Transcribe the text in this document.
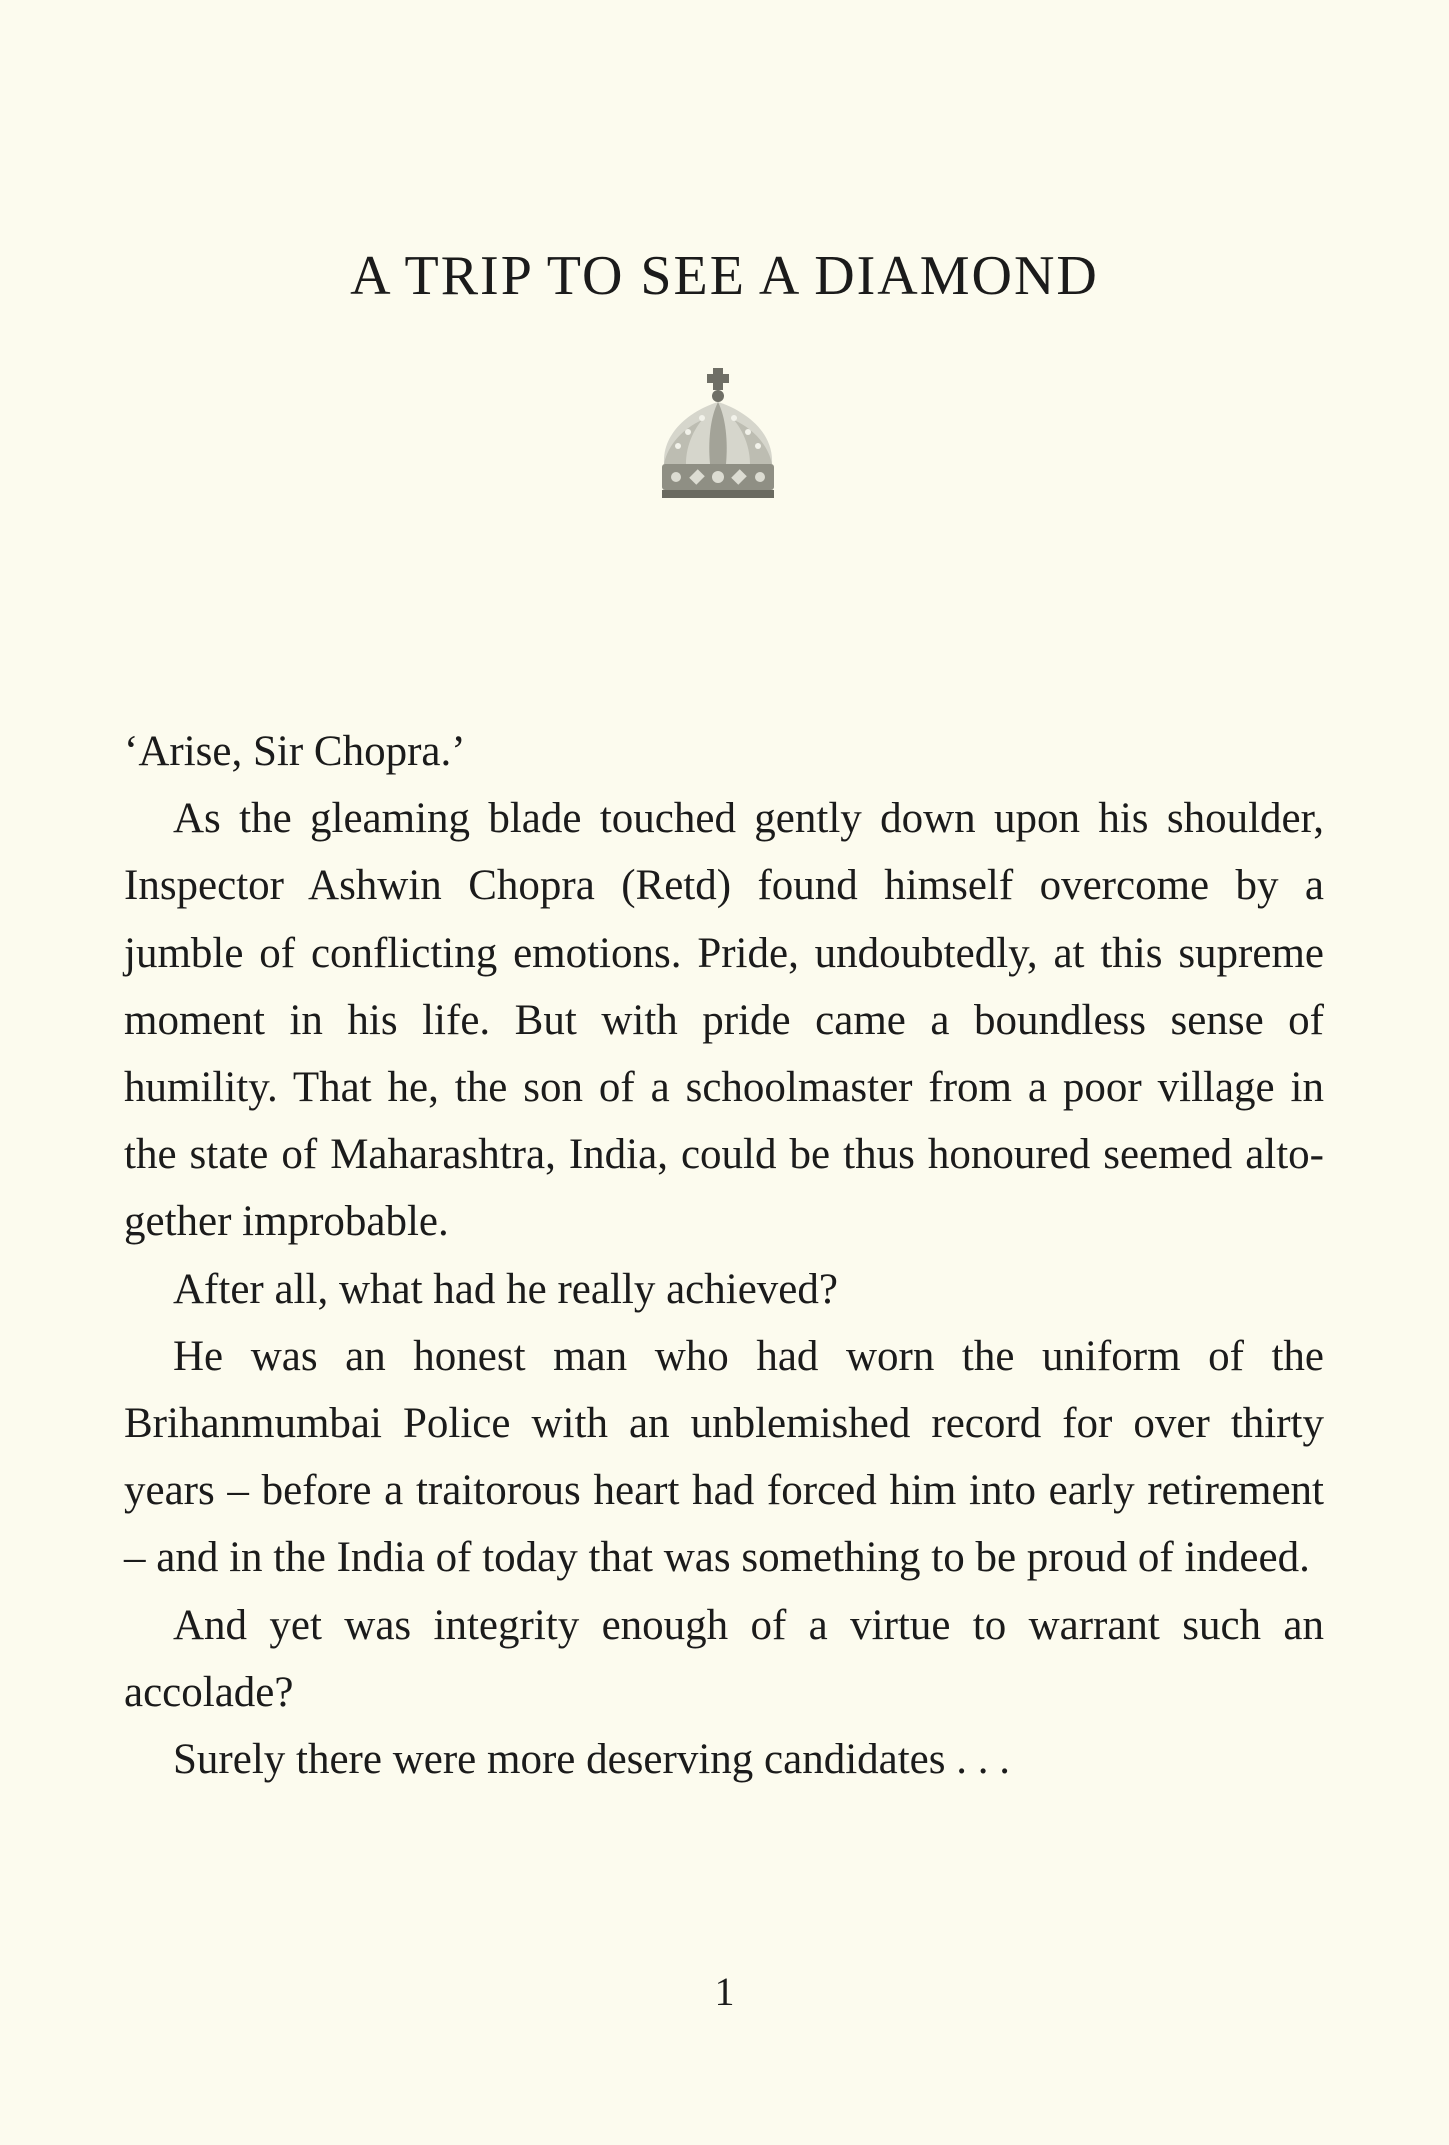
A TRIP TO SEE A DIAMOND

‘Arise, Sir Chopra.’

As the gleaming blade touched gently down upon his shoulder, Inspector Ashwin Chopra (Retd) found himself overcome by a jumble of conflicting emotions. Pride, undoubtedly, at this supreme moment in his life. But with pride came a boundless sense of humility. That he, the son of a schoolmaster from a poor village in the state of Maharashtra, India, could be thus honoured seemed altogether improbable.

After all, what had he really achieved?

He was an honest man who had worn the uniform of the Brihanmumbai Police with an unblemished record for over thirty years – before a traitorous heart had forced him into early retirement – and in the India of today that was something to be proud of indeed.

And yet was integrity enough of a virtue to warrant such an accolade?

Surely there were more deserving candidates . . .

1
